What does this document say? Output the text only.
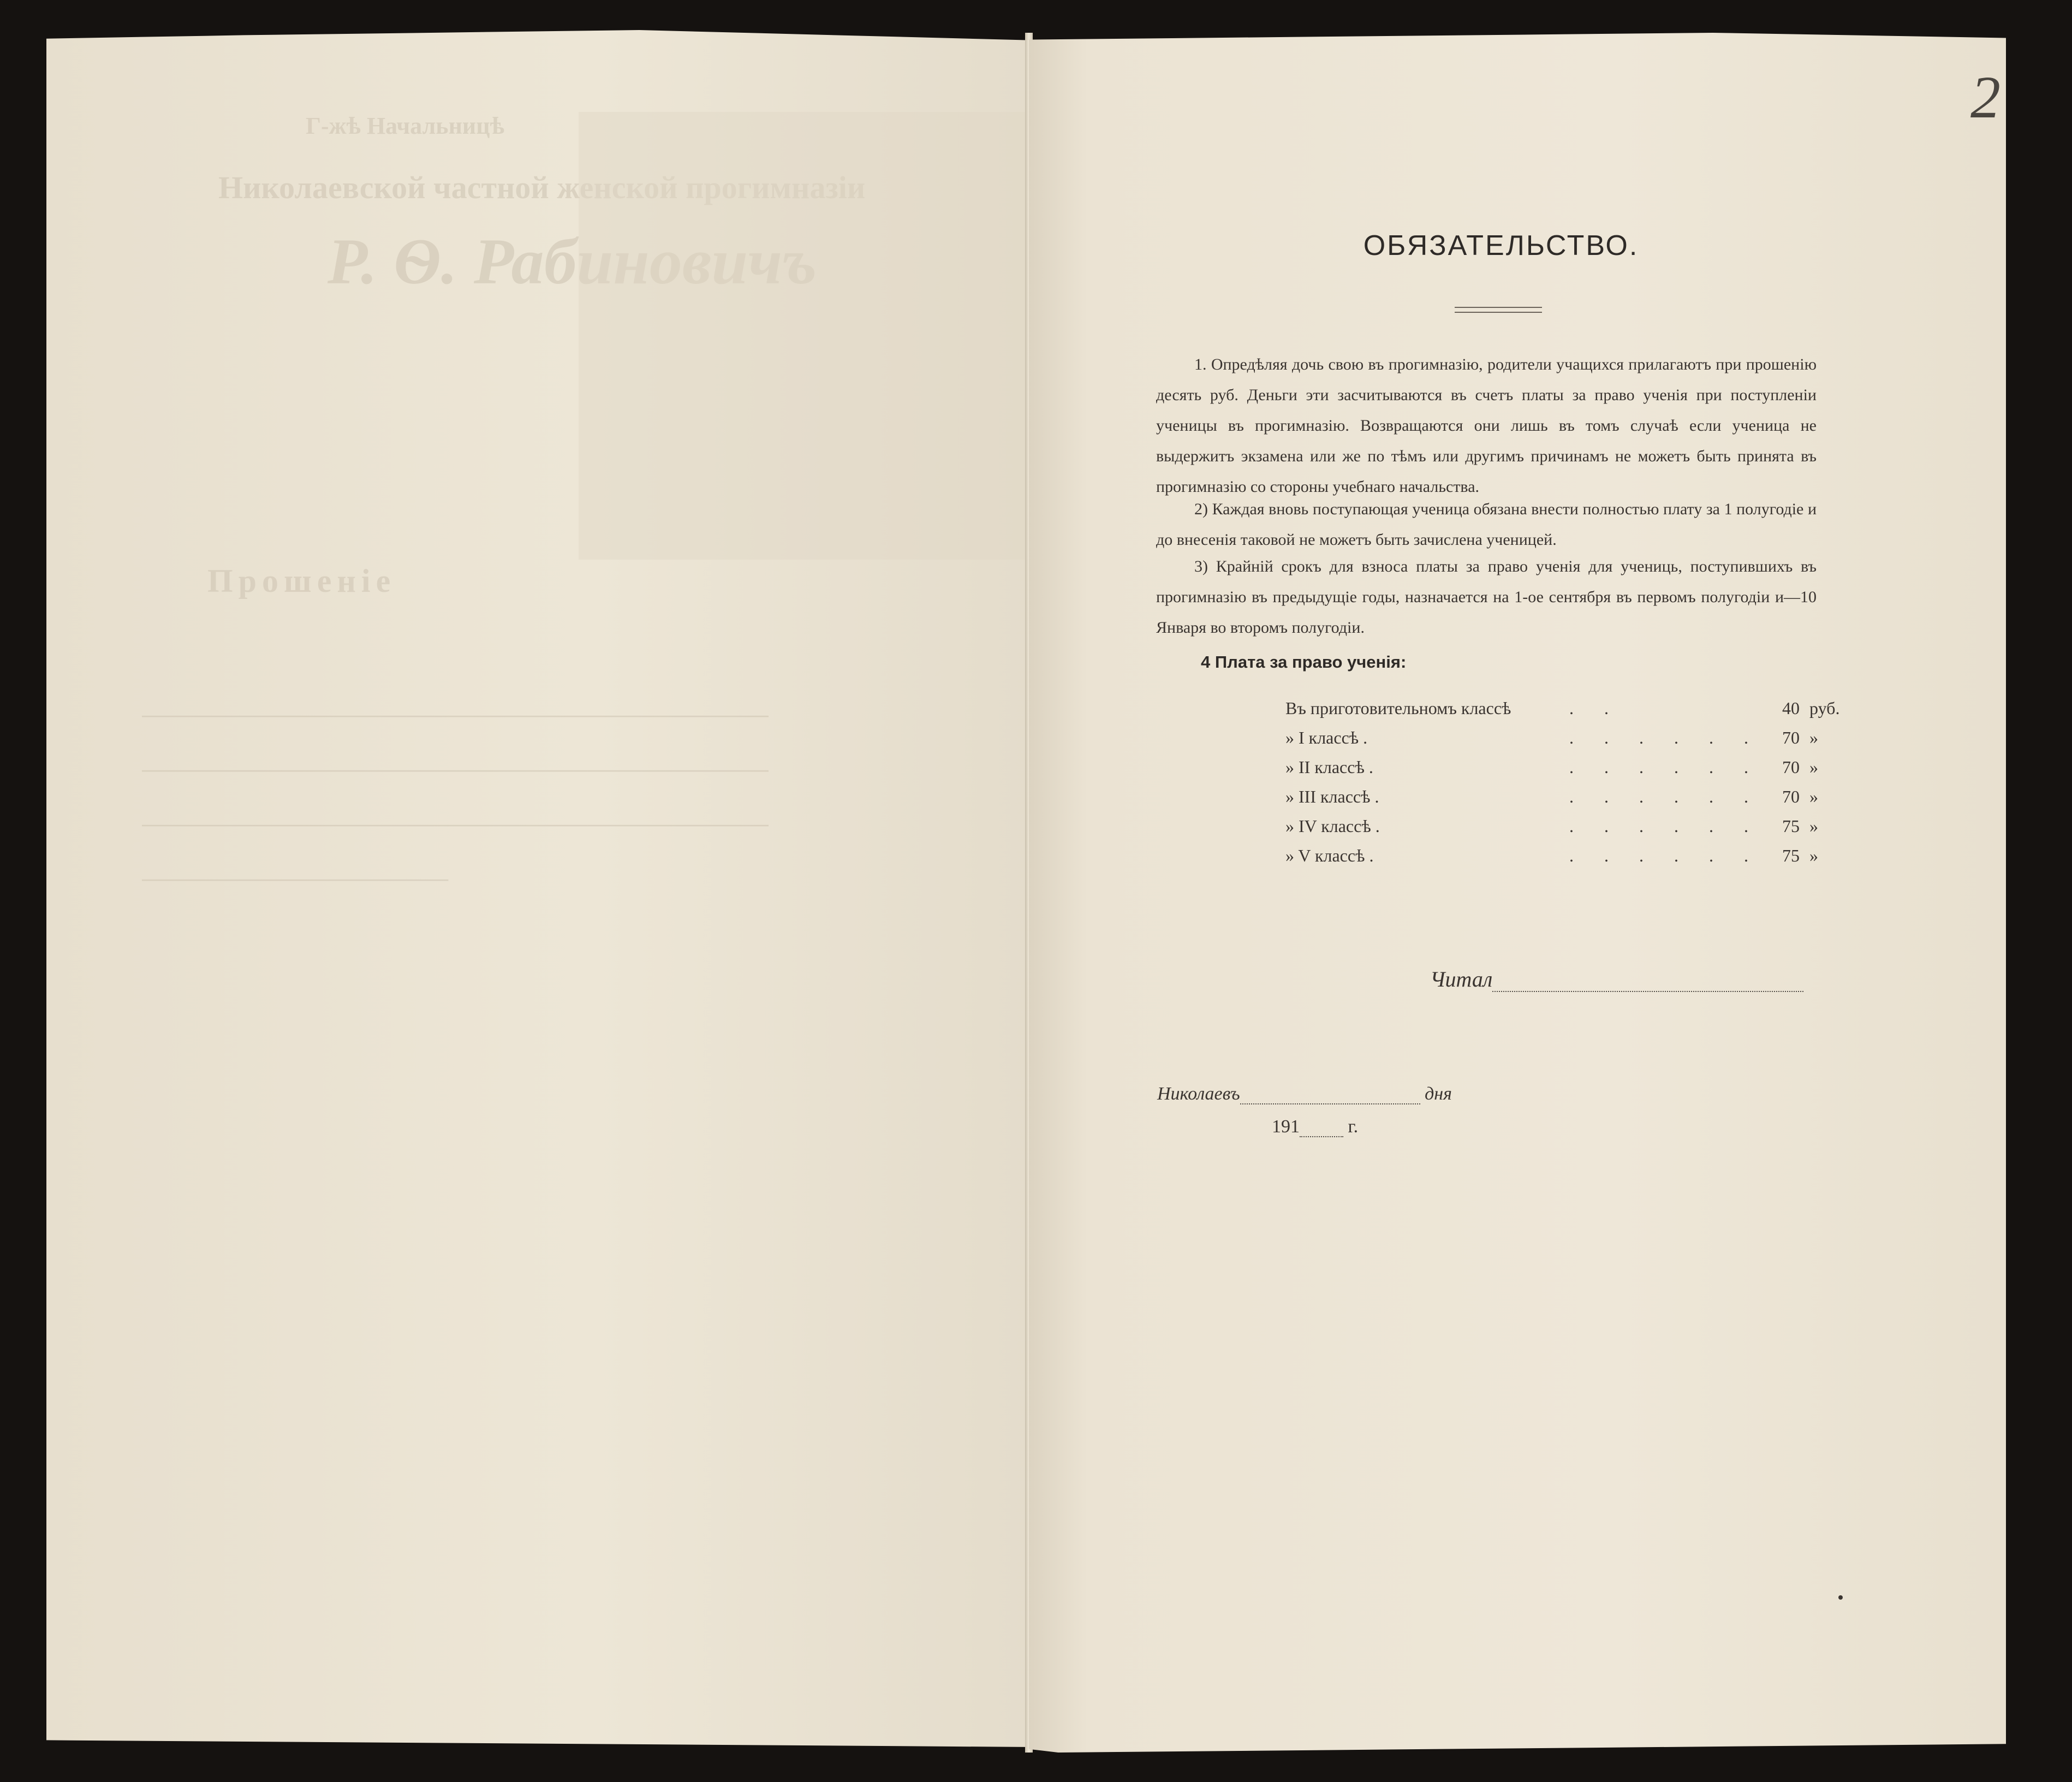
Г-жѣ Начальницѣ
Николаевской частной женской прогимназіи
Р. Ѳ. Рабиновичъ
Прошеніе
─────────────────────────────────────────────
─────────────────────────────────────────────
─────────────────────────────────────────────
──────────────────────
2
ОБЯЗАТЕЛЬСТВО.
1. Опредѣляя дочь свою въ прогимназію, родители учащихся прилагаютъ при прошенію десять руб. Деньги эти засчитываются въ счетъ платы за право ученія при поступленіи ученицы въ прогимназію. Возвращаются они лишь въ томъ случаѣ если ученица не выдержитъ экзамена или же по тѣмъ или другимъ причинамъ не можетъ быть принята въ прогимназію со стороны учебнаго начальства.
2) Каждая вновь поступающая ученица обязана внести полностью плату за 1 полугодіе и до внесенія таковой не можетъ быть зачислена ученицей.
3) Крайній срокъ для взноса платы за право ученія для учениць, поступившихъ въ прогимназію въ предыдущіе годы, назначается на 1-ое сентября въ первомъ полугодіи и—10 Января во второмъ полугодіи.
4 Плата за право ученія:
Въ приготовительномъ классѣ	. .	40	руб.
» I классѣ .	. . . . . .	70	»
» II классѣ .	. . . . . .	70	»
» III классѣ .	. . . . . .	70	»
» IV классѣ .	. . . . . .	75	»
» V классѣ .	. . . . . .	75	»
Читал
Николаевъ	дня
191	г.
